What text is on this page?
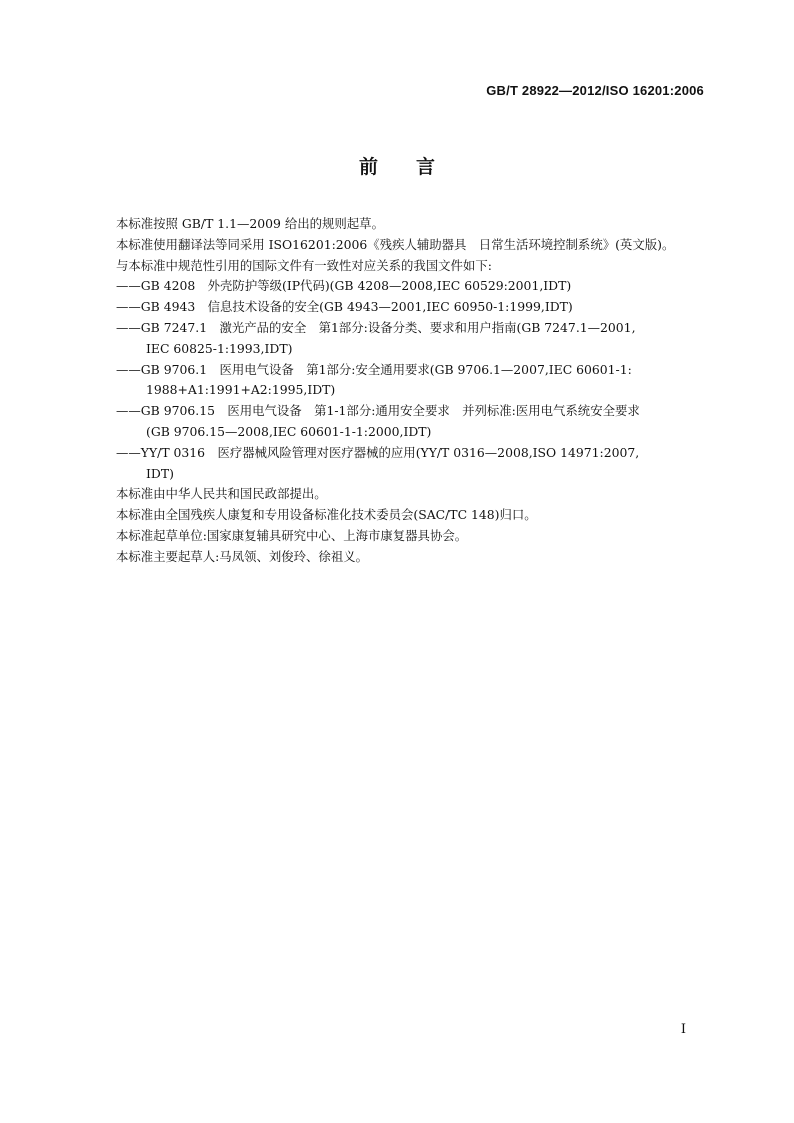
GB/T 28922—2012/ISO 16201:2006
前言

本标准按照 GB/T 1.1—2009 给出的规则起草。

本标准使用翻译法等同采用 ISO16201:2006《残疾人辅助器具　日常生活环境控制系统》(英文版)。

与本标准中规范性引用的国际文件有一致性对应关系的我国文件如下:

——GB 4208　外壳防护等级(IP代码)(GB 4208—2008,IEC 60529:2001,IDT)

——GB 4943　信息技术设备的安全(GB 4943—2001,IEC 60950-1:1999,IDT)

——GB 7247.1　激光产品的安全　第1部分:设备分类、要求和用户指南(GB 7247.1—2001,

IEC 60825-1:1993,IDT)

——GB 9706.1　医用电气设备　第1部分:安全通用要求(GB 9706.1—2007,IEC 60601-1:

1988+A1:1991+A2:1995,IDT)

——GB 9706.15　医用电气设备　第1-1部分:通用安全要求　并列标准:医用电气系统安全要求

(GB 9706.15—2008,IEC 60601-1-1:2000,IDT)

——YY/T 0316　医疗器械风险管理对医疗器械的应用(YY/T 0316—2008,ISO 14971:2007,

IDT)

本标准由中华人民共和国民政部提出。

本标准由全国残疾人康复和专用设备标准化技术委员会(SAC/TC 148)归口。

本标准起草单位:国家康复辅具研究中心、上海市康复器具协会。

本标准主要起草人:马凤领、刘俊玲、徐祖义。

I
